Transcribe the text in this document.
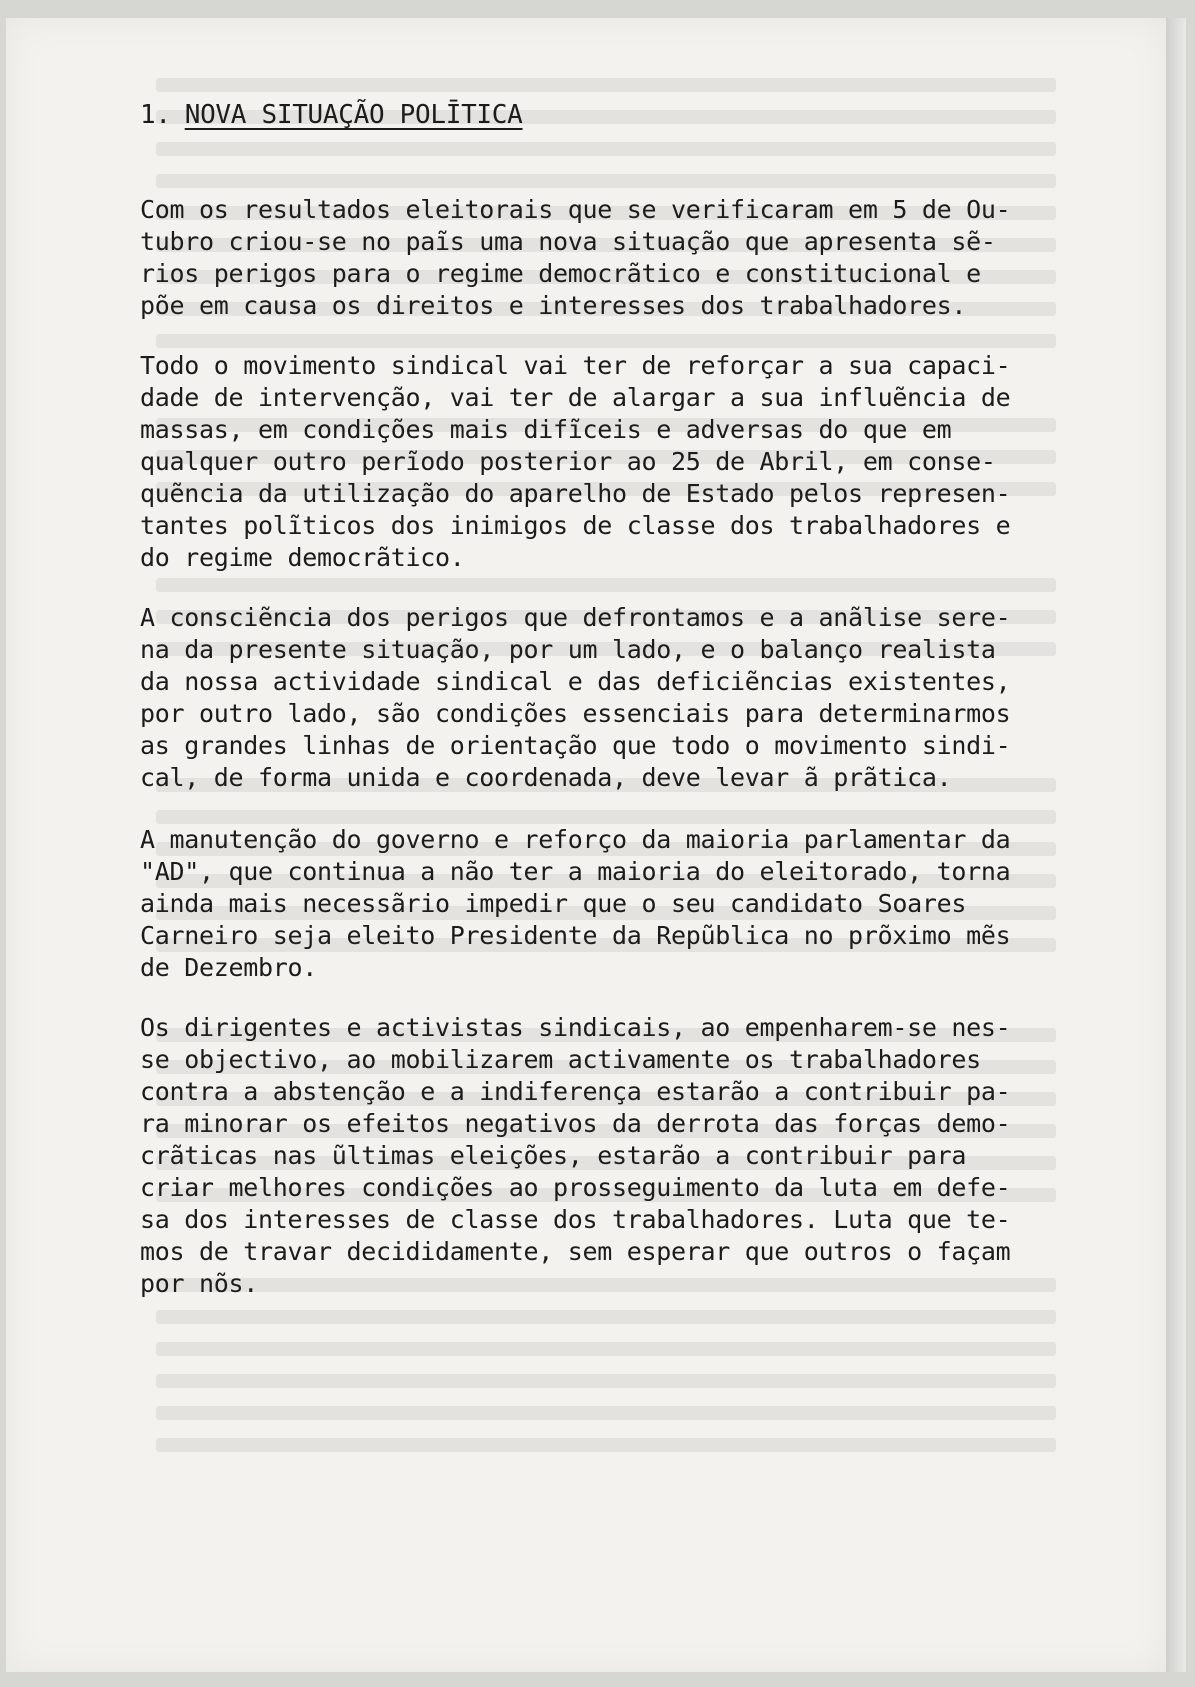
1. NOVA SITUAÇÃO POLĪTICA
Com os resultados eleitorais que se verificaram em 5 de Ou-
tubro criou-se no paĩs uma nova situação que apresenta sẽ-
rios perigos para o regime democrãtico e constitucional e
põe em causa os direitos e interesses dos trabalhadores.
Todo o movimento sindical vai ter de reforçar a sua capaci-
dade de intervenção, vai ter de alargar a sua influẽncia de
massas, em condições mais difĩceis e adversas do que em
qualquer outro perĩodo posterior ao 25 de Abril, em conse-
quẽncia da utilização do aparelho de Estado pelos represen-
tantes polĩticos dos inimigos de classe dos trabalhadores e
do regime democrãtico.
A consciẽncia dos perigos que defrontamos e a anãlise sere-
na da presente situação, por um lado, e o balanço realista
da nossa actividade sindical e das deficiẽncias existentes,
por outro lado, são condições essenciais para determinarmos
as grandes linhas de orientação que todo o movimento sindi-
cal, de forma unida e coordenada, deve levar ã prãtica.
A manutenção do governo e reforço da maioria parlamentar da
"AD", que continua a não ter a maioria do eleitorado, torna
ainda mais necessãrio impedir que o seu candidato Soares
Carneiro seja eleito Presidente da Repũblica no prõximo mẽs
de Dezembro.
Os dirigentes e activistas sindicais, ao empenharem-se nes-
se objectivo, ao mobilizarem activamente os trabalhadores
contra a abstenção e a indiferença estarão a contribuir pa-
ra minorar os efeitos negativos da derrota das forças demo-
crãticas nas ũltimas eleições, estarão a contribuir para
criar melhores condições ao prosseguimento da luta em defe-
sa dos interesses de classe dos trabalhadores. Luta que te-
mos de travar decididamente, sem esperar que outros o façam
por nõs.
